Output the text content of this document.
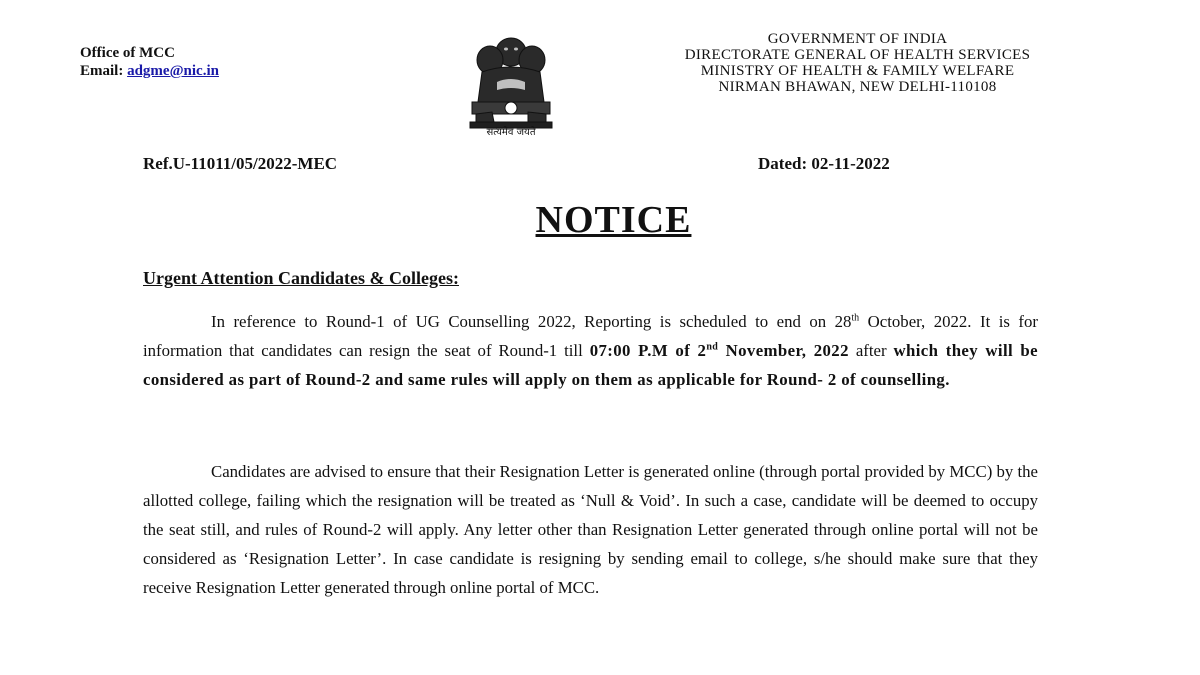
Office of MCC
Email: adgme@nic.in
सत्यमेव जयते
GOVERNMENT OF INDIA
DIRECTORATE GENERAL OF HEALTH SERVICES
MINISTRY OF HEALTH & FAMILY WELFARE
NIRMAN BHAWAN, NEW DELHI-110108
Ref.U-11011/05/2022-MEC	Dated: 02-11-2022
NOTICE
Urgent Attention Candidates & Colleges:

In reference to Round-1 of UG Counselling 2022, Reporting is scheduled to end on 28th October, 2022. It is for information that candidates can resign the seat of Round-1 till 07:00 P.M of 2nd November, 2022 after which they will be considered as part of Round-2 and same rules will apply on them as applicable for Round- 2 of counselling.

Candidates are advised to ensure that their Resignation Letter is generated online (through portal provided by MCC) by the allotted college, failing which the resignation will be treated as ‘Null & Void’. In such a case, candidate will be deemed to occupy the seat still, and rules of Round-2 will apply. Any letter other than Resignation Letter generated through online portal will not be considered as ‘Resignation Letter’. In case candidate is resigning by sending email to college, s/he should make sure that they receive Resignation Letter generated through online portal of MCC.
